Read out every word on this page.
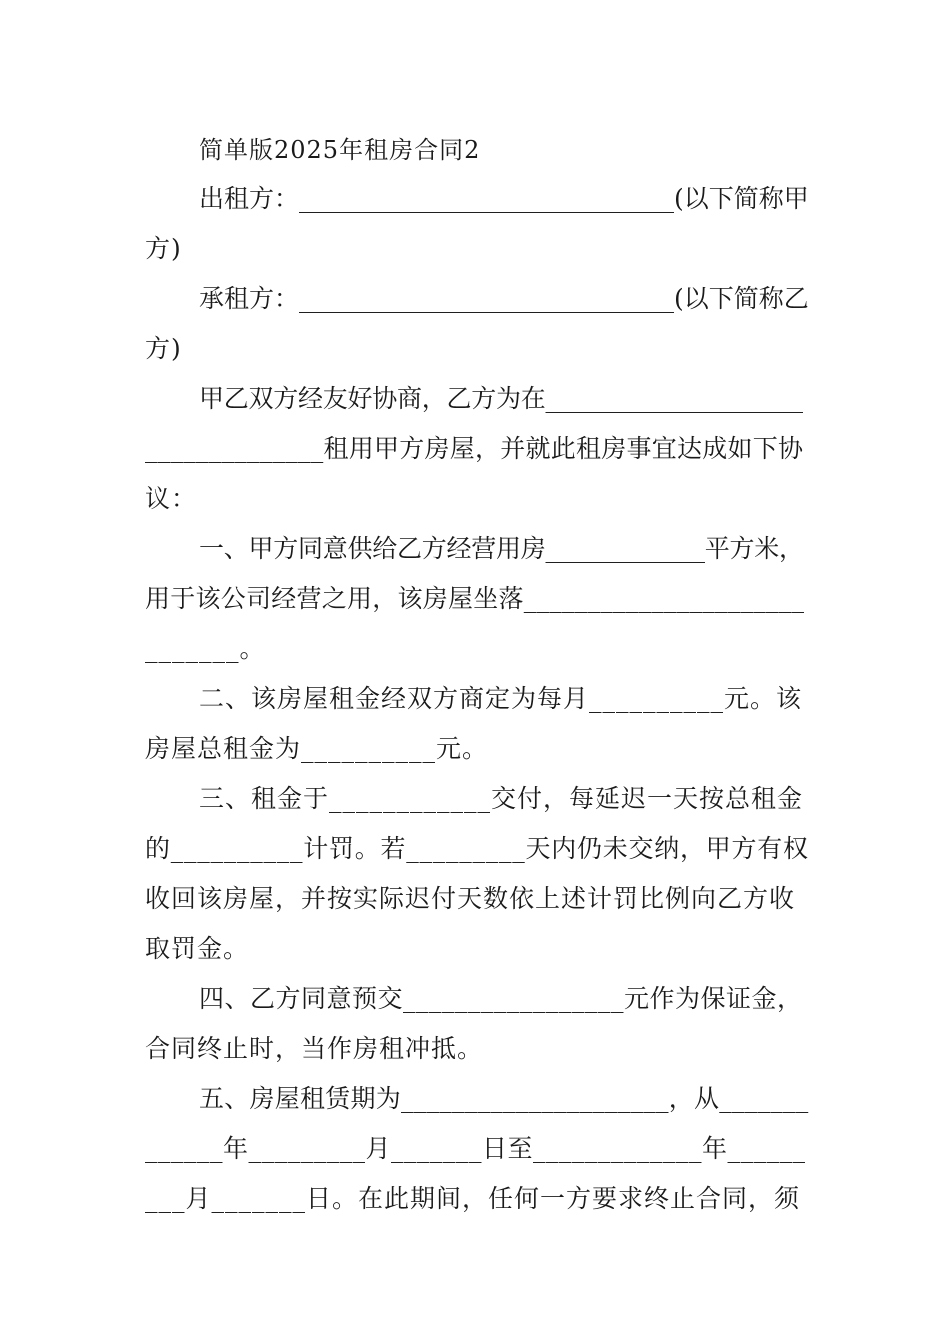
简单版2025年租房合同2
出租方：______________________________(以下简称甲
方)
承租方：______________________________(以下简称乙
方)
甲乙双方经友好协商，乙方为在_____________________
______________租用甲方房屋，并就此租房事宜达成如下协
议：
一、甲方同意供给乙方经营用房_____________平方米，
用于该公司经营之用，该房屋坐落______________________
_______。
二、该房屋租金经双方商定为每月__________元。该
房屋总租金为__________元。
三、租金于____________交付，每延迟一天按总租金
的__________计罚。若_________天内仍未交纳，甲方有权
收回该房屋，并按实际迟付天数依上述计罚比例向乙方收
取罚金。
四、乙方同意预交_________________元作为保证金，
合同终止时，当作房租冲抵。
五、房屋租赁期为_____________________，从_______
______年_________月_______日至_____________年______
___月_______日。在此期间，任何一方要求终止合同，须
